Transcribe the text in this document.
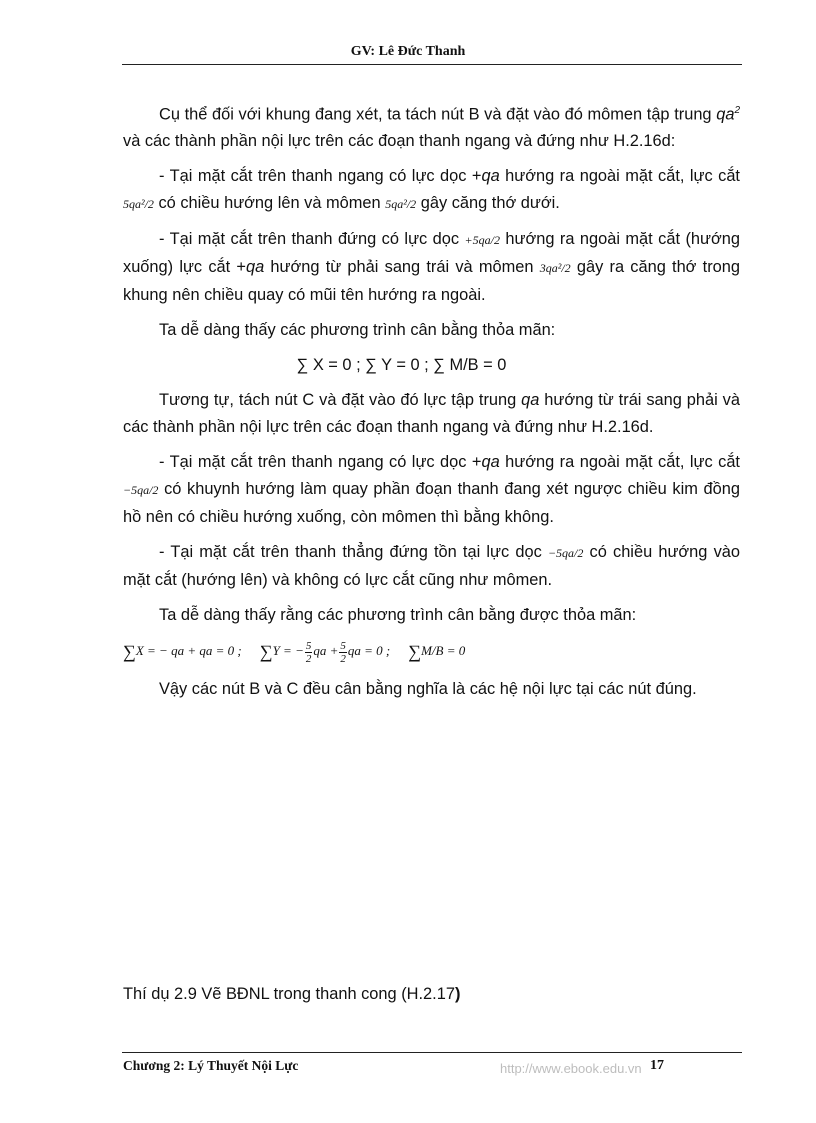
GV: Lê Đức Thanh

Cụ thể đối với khung đang xét, ta tách nút B và đặt vào đó mômen tập trung $qa^2$ và các thành phần nội lực trên các đoạn thanh ngang và đứng như H.2.16d:

- Tại mặt cắt trên thanh ngang có lực dọc +qa hướng ra ngoài mặt cắt, lực cắt 5qa²/2 có chiều hướng lên và mômen 5qa²/2 gây căng thớ dưới.

- Tại mặt cắt trên thanh đứng có lực dọc +5qa/2 hướng ra ngoài mặt cắt (hướng xuống) lực cắt +qa hướng từ phải sang trái và mômen 3qa²/2 gây ra căng thớ trong khung nên chiều quay có mũi tên hướng ra ngoài.

Ta dễ dàng thấy các phương trình cân bằng thỏa mãn:

∑ X = 0 ; ∑ Y = 0 ; ∑ M/B = 0

Tương tự, tách nút C và đặt vào đó lực tập trung qa hướng từ trái sang phải và các thành phần nội lực trên các đoạn thanh ngang và đứng như H.2.16d.

- Tại mặt cắt trên thanh ngang có lực dọc +qa hướng ra ngoài mặt cắt, lực cắt −5qa/2 có khuynh hướng làm quay phần đoạn thanh đang xét ngược chiều kim đồng hồ nên có chiều hướng xuống, còn mômen thì bằng không.

- Tại mặt cắt trên thanh thẳng đứng tồn tại lực dọc −5qa/2 có chiều hướng vào mặt cắt (hướng lên) và không có lực cắt cũng như mômen.

Ta dễ dàng thấy rằng các phương trình cân bằng được thỏa mãn:

∑X = − qa + qa = 0 ; ∑Y = − $\frac{5}{2}$ qa + $\frac{5}{2}$ qa = 0 ; ∑M/B = 0

Vậy các nút B và C đều cân bằng nghĩa là các hệ nội lực tại các nút đúng.

Thí dụ 2.9 Vẽ BĐNL trong thanh cong (H.2.17)
Chương 2: Lý Thuyết Nội Lực	http://www.ebook.edu.vn 17
